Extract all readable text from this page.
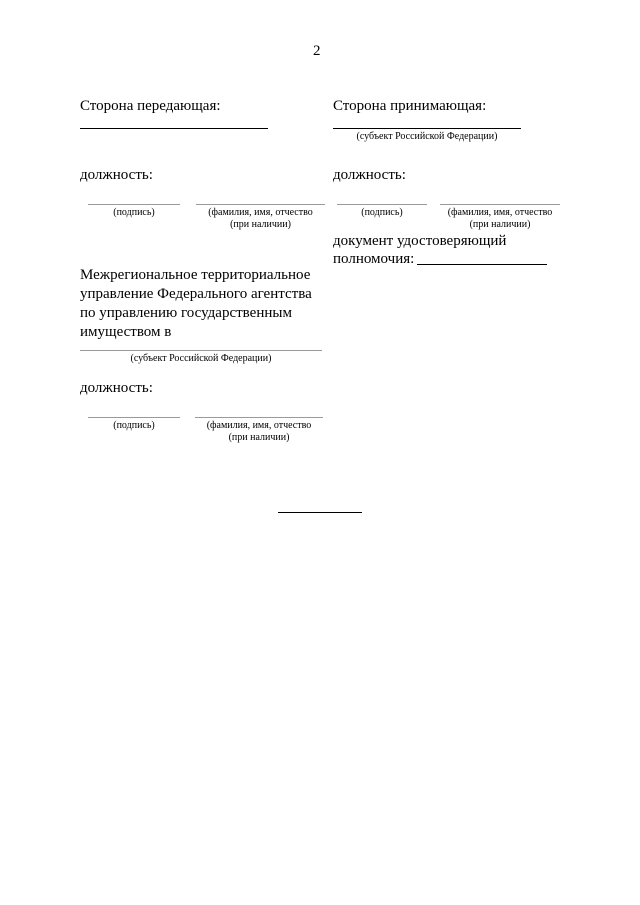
2
Сторона передающая:
должность:
(подпись)	(фамилия, имя, отчество
(при наличии)
Сторона принимающая:
(субъект Российской Федерации)
должность:
(подпись)	(фамилия, имя, отчество
(при наличии)
документ удостоверяющий
полномочия:
Межрегиональное территориальное
управление Федерального агентства
по управлению государственным
имуществом в
(субъект Российской Федерации)
должность:
(подпись)	(фамилия, имя, отчество
(при наличии)
